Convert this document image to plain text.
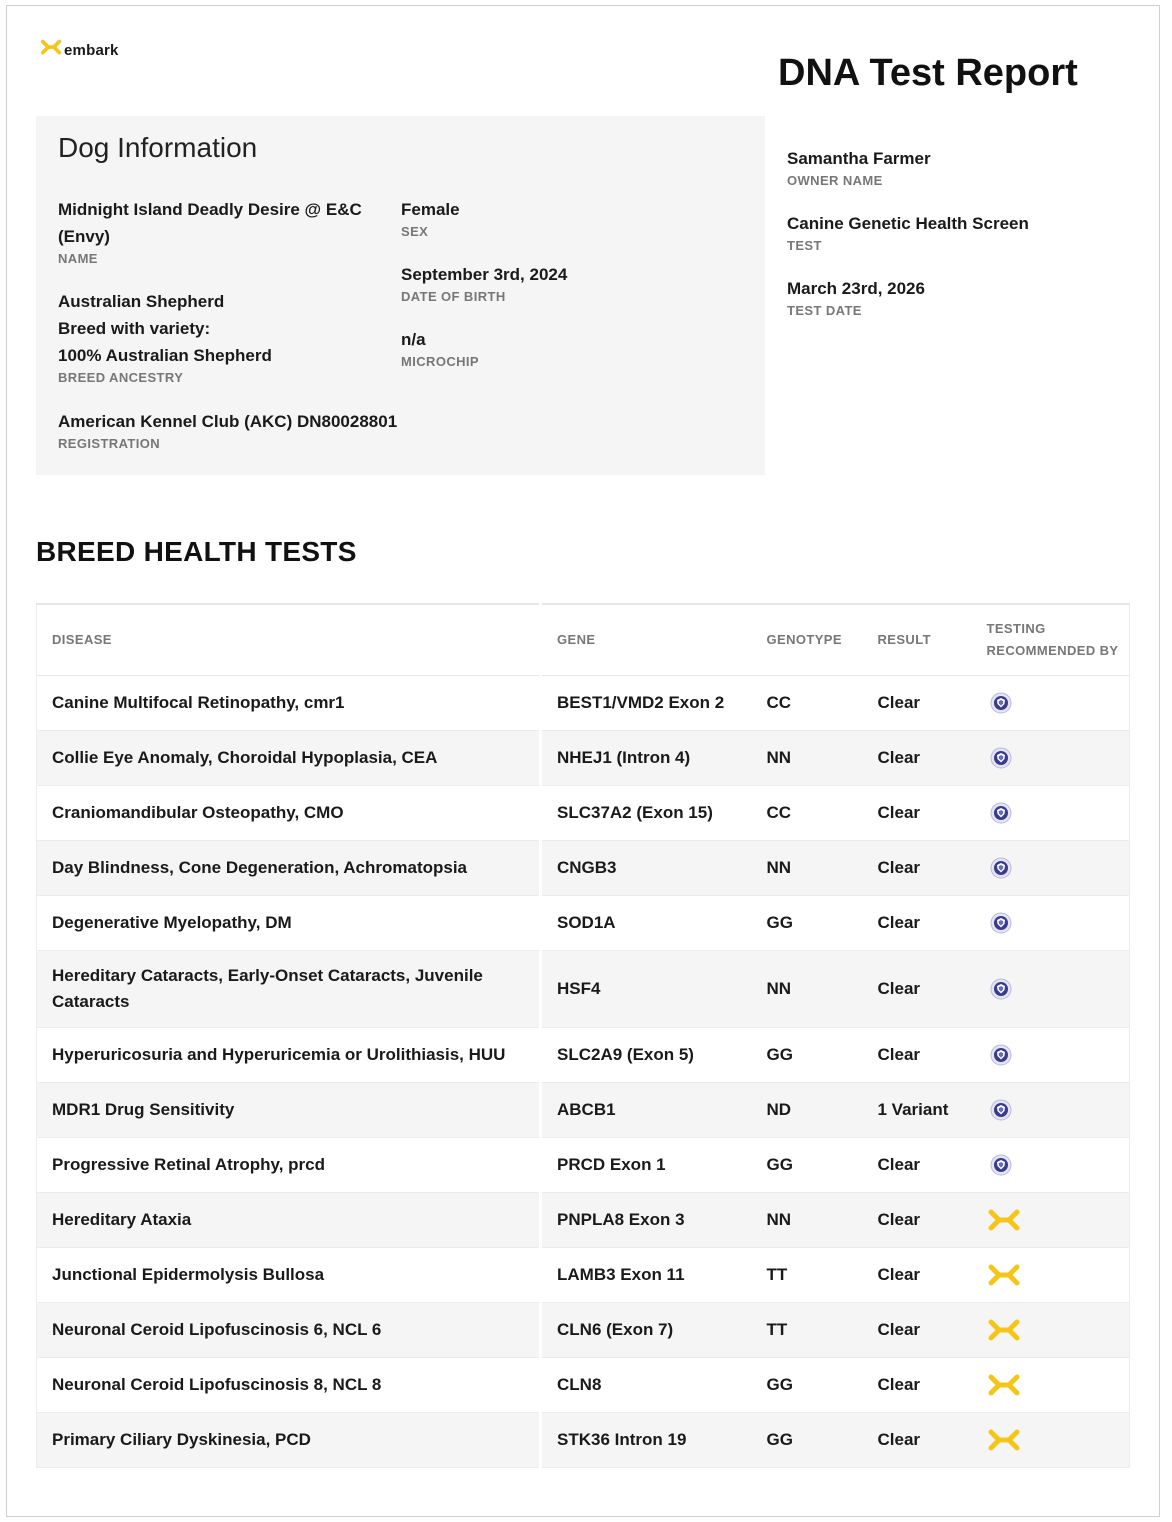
embark
DNA Test Report
Dog Information
Midnight Island Deadly Desire @ E&C
(Envy)
NAME
Australian Shepherd
Breed with variety:
100% Australian Shepherd
BREED ANCESTRY
American Kennel Club (AKC) DN80028801
REGISTRATION
Female
SEX
September 3rd, 2024
DATE OF BIRTH
n/a
MICROCHIP
Samantha Farmer
OWNER NAME
Canine Genetic Health Screen
TEST
March 23rd, 2026
TEST DATE
BREED HEALTH TESTS
DISEASE	GENE	GENOTYPE	RESULT	TESTING
RECOMMENDED BY

Canine Multifocal Retinopathy, cmr1	BEST1/VMD2 Exon 2	CC	Clear	

Collie Eye Anomaly, Choroidal Hypoplasia, CEA	NHEJ1 (Intron 4)	NN	Clear	

Craniomandibular Osteopathy, CMO	SLC37A2 (Exon 15)	CC	Clear	

Day Blindness, Cone Degeneration, Achromatopsia	CNGB3	NN	Clear	

Degenerative Myelopathy, DM	SOD1A	GG	Clear	

Hereditary Cataracts, Early-Onset Cataracts, Juvenile Cataracts	HSF4	NN	Clear	

Hyperuricosuria and Hyperuricemia or Urolithiasis, HUU	SLC2A9 (Exon 5)	GG	Clear	

MDR1 Drug Sensitivity	ABCB1	ND	1 Variant	

Progressive Retinal Atrophy, prcd	PRCD Exon 1	GG	Clear	

Hereditary Ataxia	PNPLA8 Exon 3	NN	Clear	

Junctional Epidermolysis Bullosa	LAMB3 Exon 11	TT	Clear	

Neuronal Ceroid Lipofuscinosis 6, NCL 6	CLN6 (Exon 7)	TT	Clear	

Neuronal Ceroid Lipofuscinosis 8, NCL 8	CLN8	GG	Clear	

Primary Ciliary Dyskinesia, PCD	STK36 Intron 19	GG	Clear	
